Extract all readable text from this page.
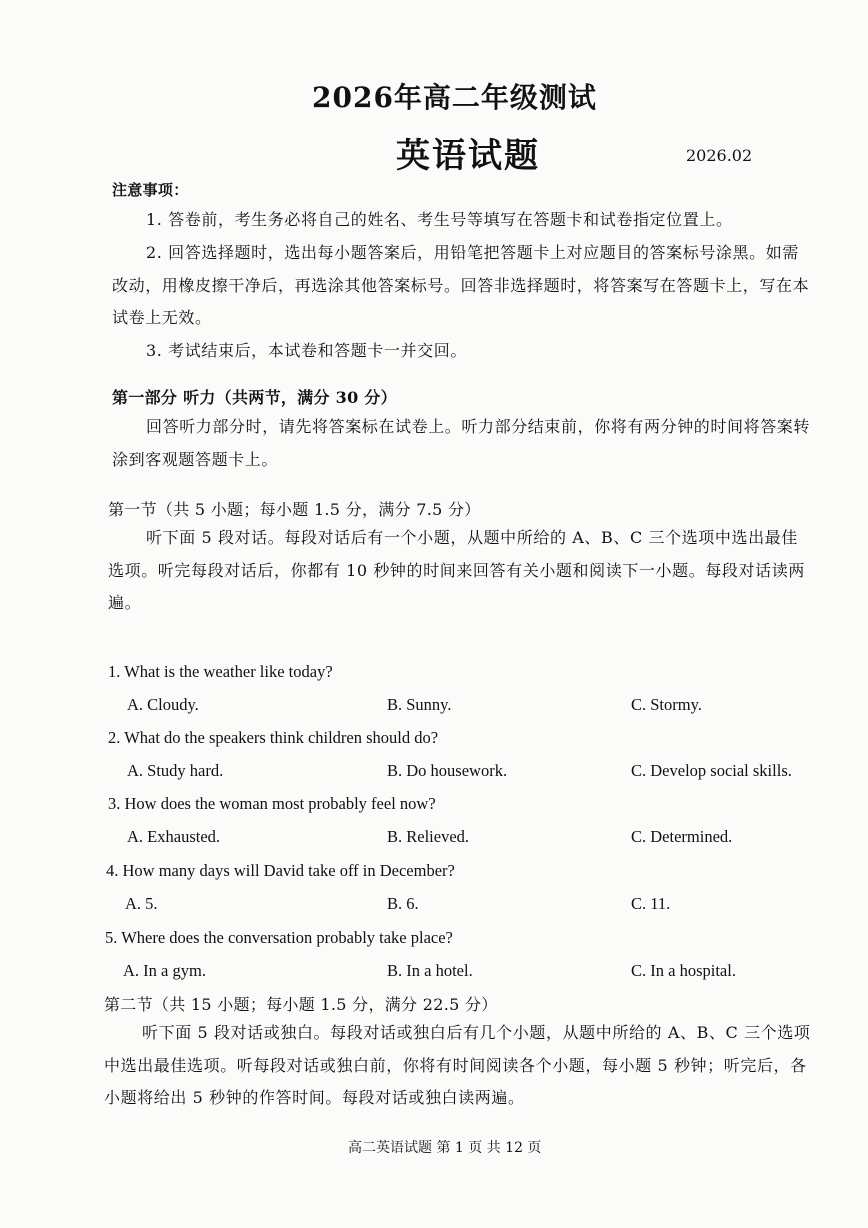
2026年高二年级测试
英语试题	2026.02
注意事项：
1. 答卷前，考生务必将自己的姓名、考生号等填写在答题卡和试卷指定位置上。
2. 回答选择题时，选出每小题答案后，用铅笔把答题卡上对应题目的答案标号涂黑。如需改动，用橡皮擦干净后，再选涂其他答案标号。回答非选择题时，将答案写在答题卡上，写在本试卷上无效。
3. 考试结束后，本试卷和答题卡一并交回。
第一部分 听力（共两节，满分 30 分）
回答听力部分时，请先将答案标在试卷上。听力部分结束前，你将有两分钟的时间将答案转涂到客观题答题卡上。
第一节（共 5 小题；每小题 1.5 分，满分 7.5 分）
听下面 5 段对话。每段对话后有一个小题，从题中所给的 A、B、C 三个选项中选出最佳选项。听完每段对话后，你都有 10 秒钟的时间来回答有关小题和阅读下一小题。每段对话读两遍。
1. What is the weather like today?
A. Cloudy.	B. Sunny.	C. Stormy.
2. What do the speakers think children should do?
A. Study hard.	B. Do housework.	C. Develop social skills.
3. How does the woman most probably feel now?
A. Exhausted.	B. Relieved.	C. Determined.
4. How many days will David take off in December?
A. 5.	B. 6.	C. 11.
5. Where does the conversation probably take place?
A. In a gym.	B. In a hotel.	C. In a hospital.
第二节（共 15 小题；每小题 1.5 分，满分 22.5 分）
听下面 5 段对话或独白。每段对话或独白后有几个小题，从题中所给的 A、B、C 三个选项中选出最佳选项。听每段对话或独白前，你将有时间阅读各个小题，每小题 5 秒钟；听完后，各小题将给出 5 秒钟的作答时间。每段对话或独白读两遍。
高二英语试题 第 1 页 共 12 页
